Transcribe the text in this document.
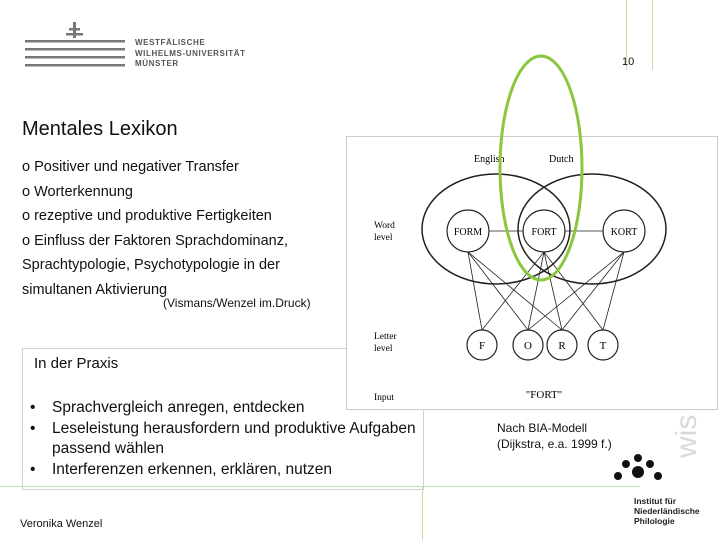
WESTFÄLISCHE
WILHELMS-UNIVERSITÄT
MÜNSTER	10
Mentales Lexikon

o Positiver und negativer Transfer

o Worterkennung

o rezeptive und produktive Fertigkeiten

o Einfluss der Faktoren Sprachdominanz, Sprachtypologie, Psychotypologie in der simultanen Aktivierung

(Vismans/Wenzel im.Druck)
In der Praxis
• Sprachvergleich anregen, entdecken
• Leseleistung herausfordern und produktive Aufgaben passend wählen
• Interferenzen erkennen, erklären, nutzen
English	Dutch
Word level
Letter level
Input
FORM	FORT	KORT
F	O R	T
"FORT"
Nach BIA-Modell
(Dijkstra, e.a. 1999 f.) wis
Institut für
Niederländische
Philologie
Veronika Wenzel
